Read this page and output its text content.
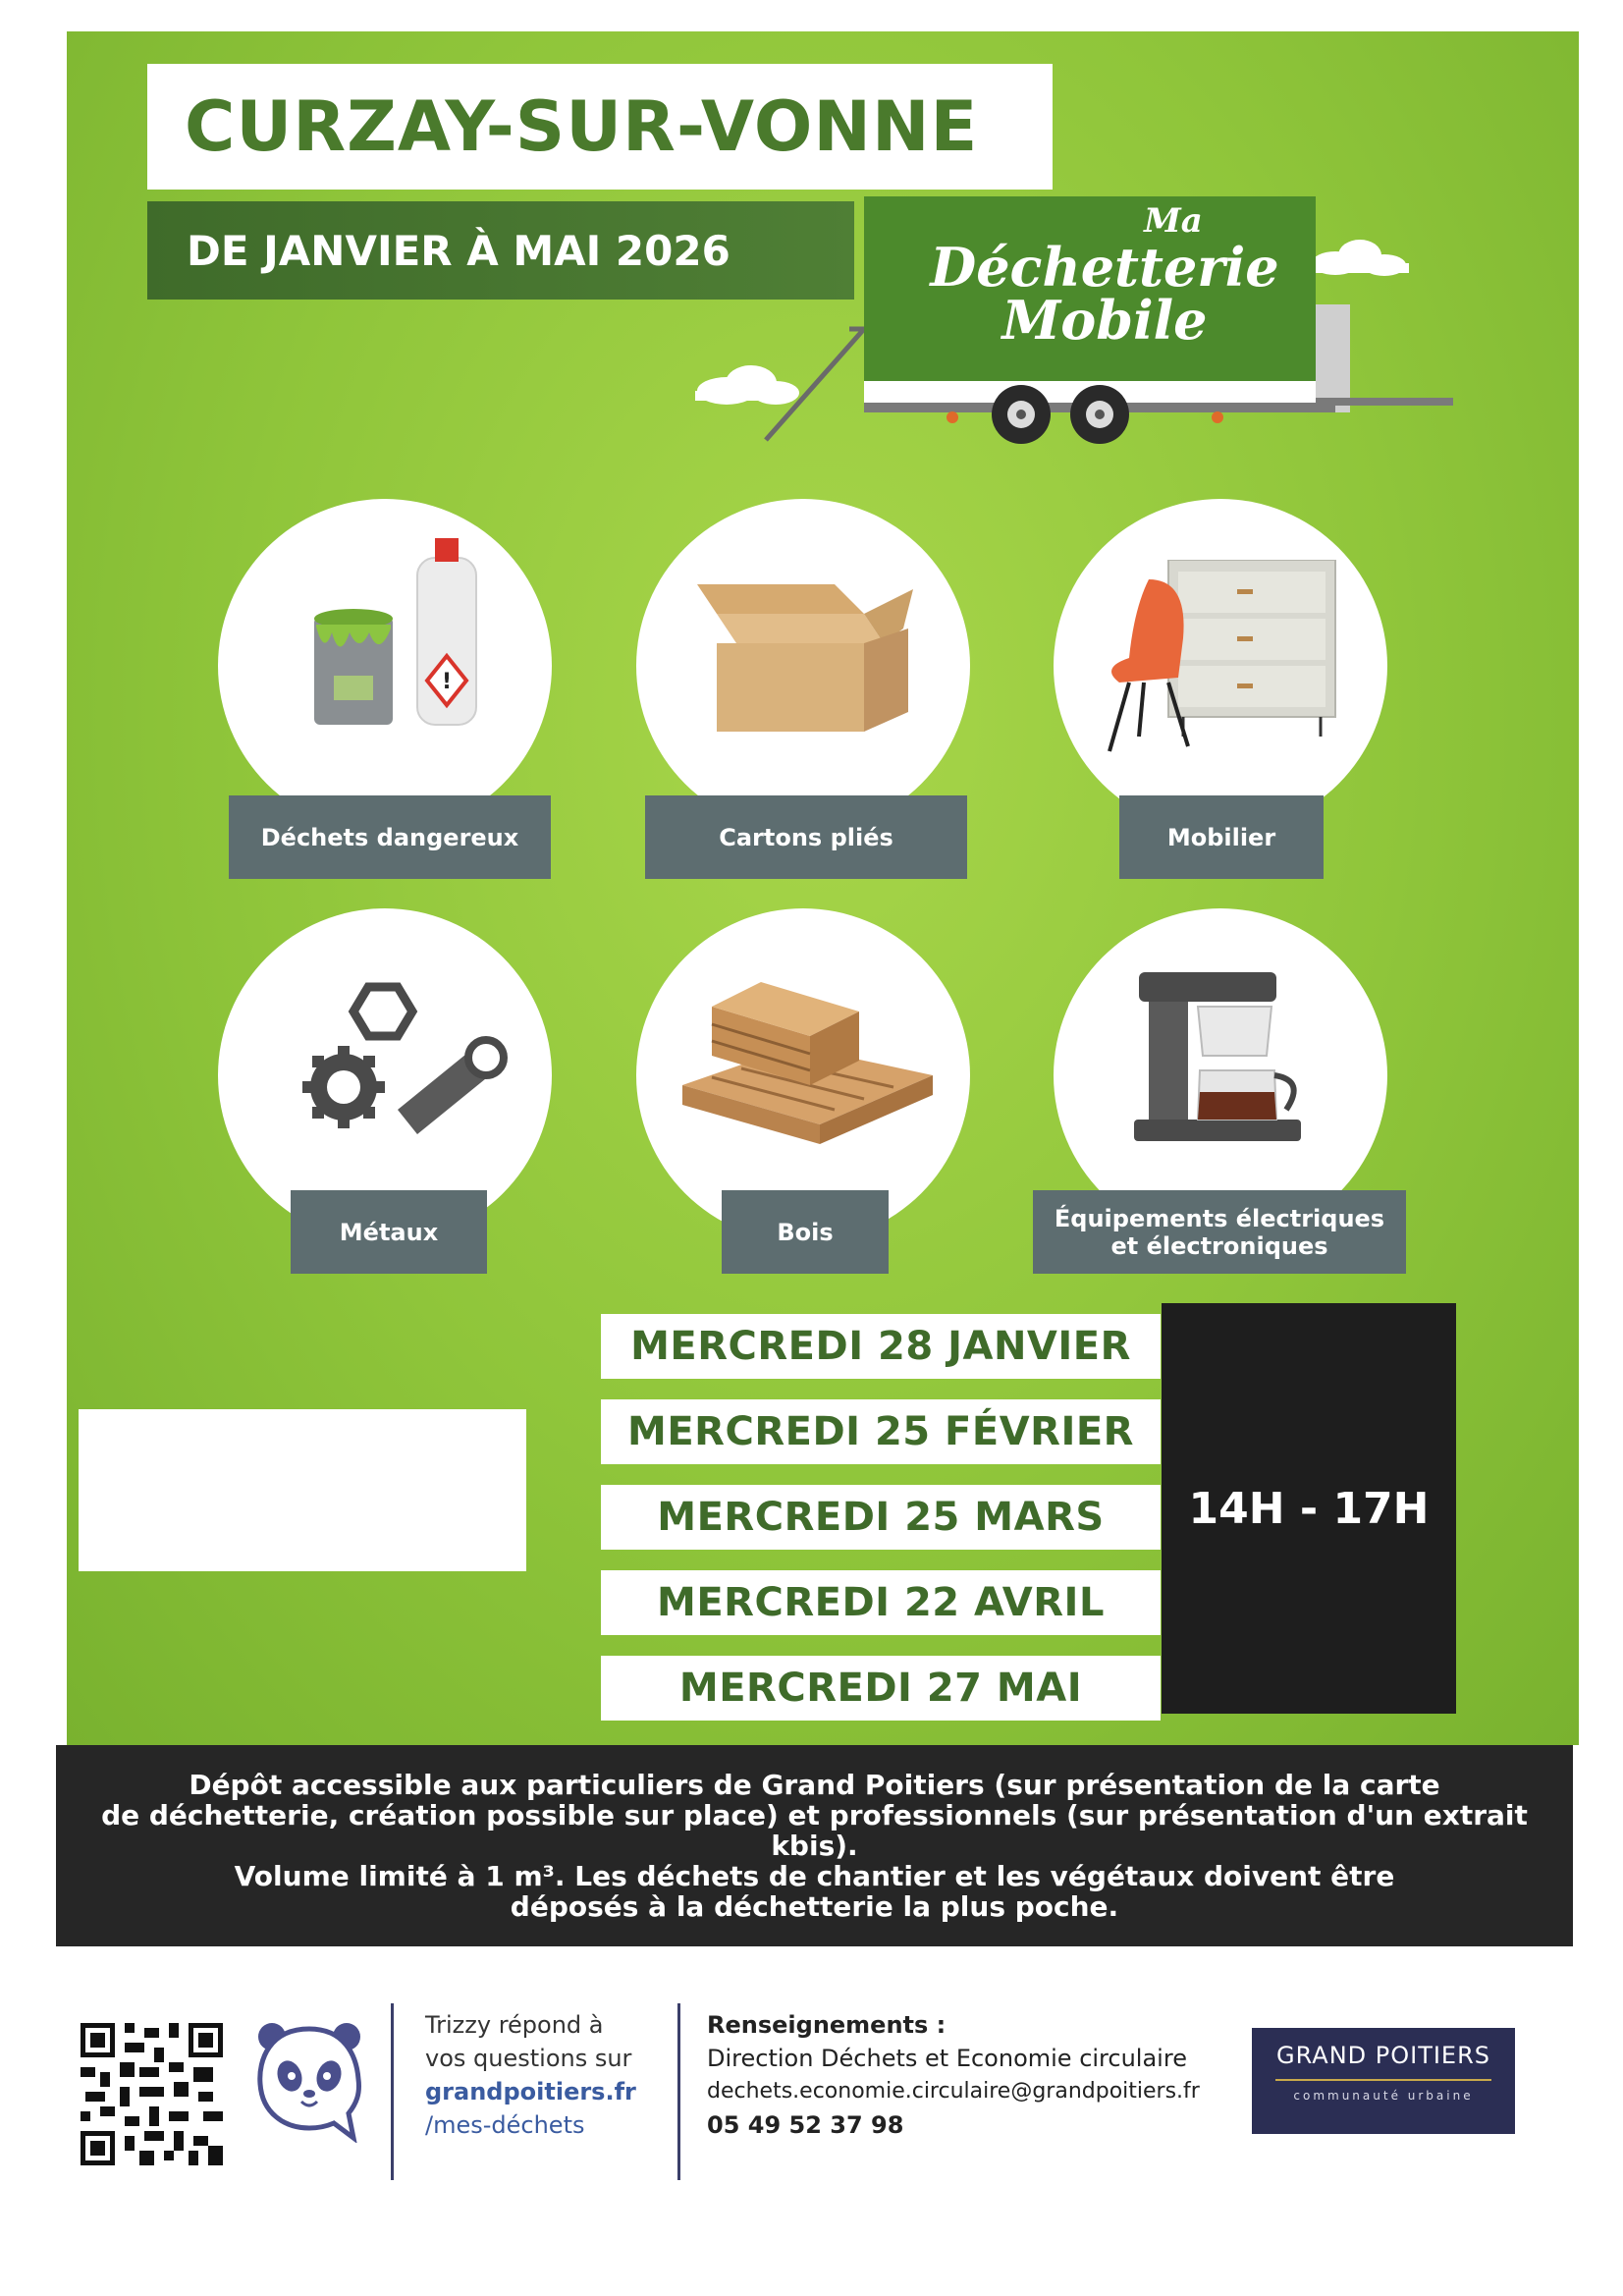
CURZAY-SUR-VONNE
DE JANVIER À MAI 2026
Ma
Déchetterie
Mobile
!
Déchets dangereux	Cartons pliés	Mobilier
Métaux	Bois	Équipements électriques
et électroniques
MERCREDI 28 JANVIER
MERCREDI 25 FÉVRIER
MERCREDI 25 MARS
MERCREDI 22 AVRIL
MERCREDI 27 MAI
14H - 17H
Dépôt accessible aux particuliers de Grand Poitiers (sur présentation de la carte
de déchetterie, création possible sur place) et professionnels (sur présentation d'un extrait kbis).
Volume limité à 1 m³. Les déchets de chantier et les végétaux doivent être
déposés à la déchetterie la plus poche.
Trizzy répond à
vos questions sur
grandpoitiers.fr
/mes-déchets
Renseignements :
Direction Déchets et Economie circulaire
dechets.economie.circulaire@grandpoitiers.fr
05 49 52 37 98
GRAND POITIERS
communauté urbaine
